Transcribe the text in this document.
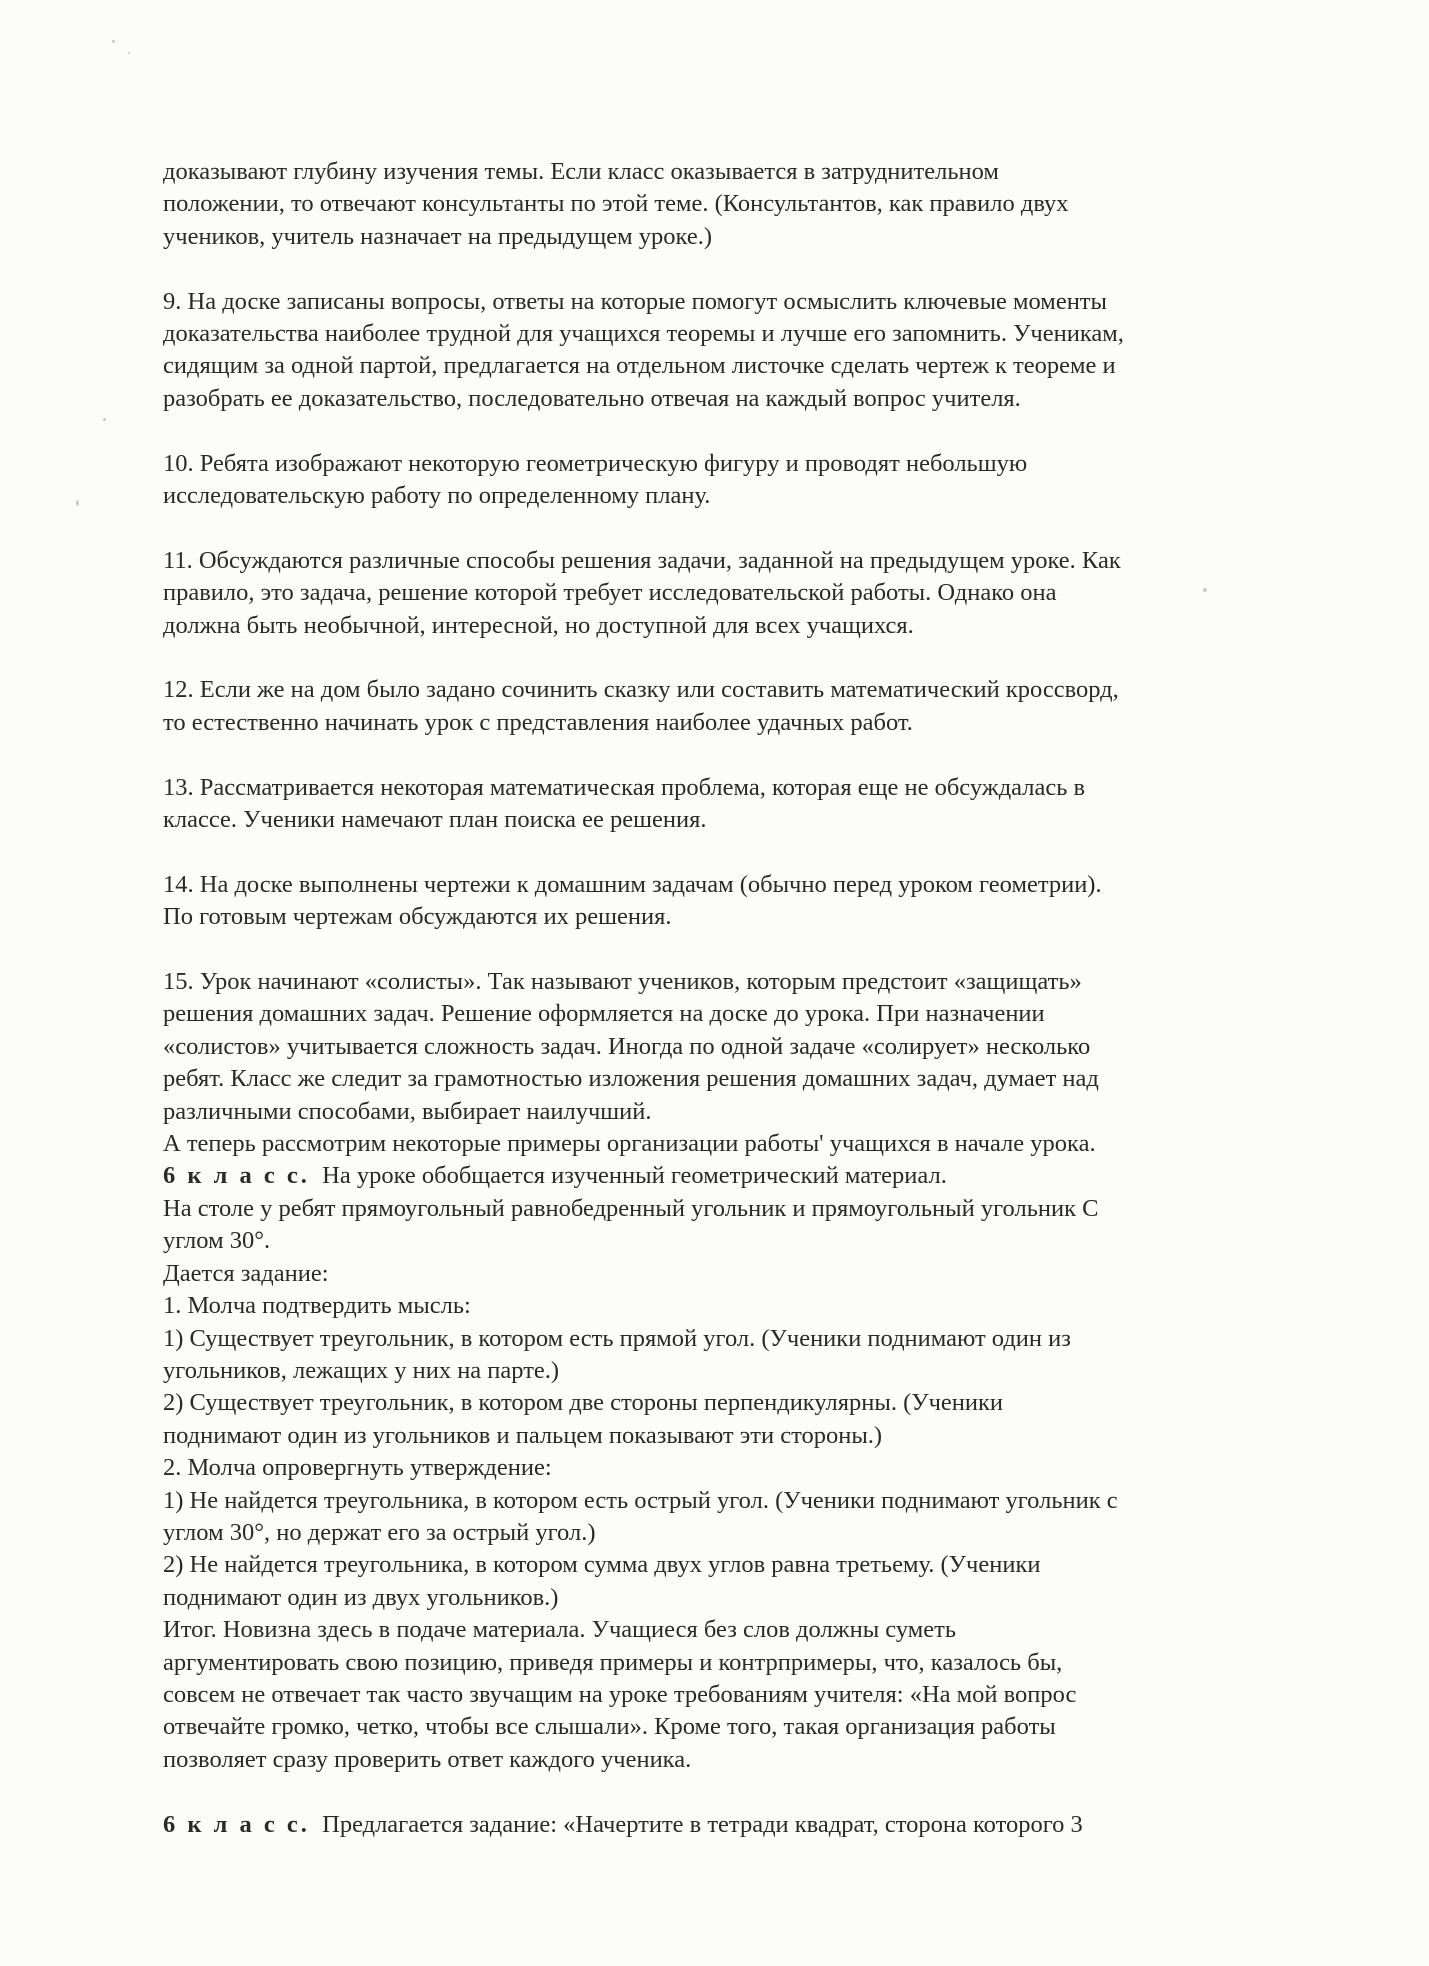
доказывают глубину изучения темы. Если класс оказывается в затруднительном
положении, то отвечают консультанты по этой теме. (Консультантов, как правило двух
учеников, учитель назначает на предыдущем уроке.)
9. На доске записаны вопросы, ответы на которые помогут осмыслить ключевые моменты
доказательства наиболее трудной для учащихся теоремы и лучше его запомнить. Ученикам,
сидящим за одной партой, предлагается на отдельном листочке сделать чертеж к теореме и
разобрать ее доказательство, последовательно отвечая на каждый вопрос учителя.
10. Ребята изображают некоторую геометрическую фигуру и проводят небольшую
исследовательскую работу по определенному плану.
11. Обсуждаются различные способы решения задачи, заданной на предыдущем уроке. Как
правило, это задача, решение которой требует исследовательской работы. Однако она
должна быть необычной, интересной, но доступной для всех учащихся.
12. Если же на дом было задано сочинить сказку или составить математический кроссворд,
то естественно начинать урок с представления наиболее удачных работ.
13. Рассматривается некоторая математическая проблема, которая еще не обсуждалась в
классе. Ученики намечают план поиска ее решения.
14. На доске выполнены чертежи к домашним задачам (обычно перед уроком геометрии).
По готовым чертежам обсуждаются их решения.
15. Урок начинают «солисты». Так называют учеников, которым предстоит «защищать»
решения домашних задач. Решение оформляется на доске до урока. При назначении
«солистов» учитывается сложность задач. Иногда по одной задаче «солирует» несколько
ребят. Класс же следит за грамотностью изложения решения домашних задач, думает над
различными способами, выбирает наилучший.
А теперь рассмотрим некоторые примеры организации работы' учащихся в начале урока.
6 к л а с с.  На уроке обобщается изученный геометрический материал.
На столе у ребят прямоугольный равнобедренный угольник и прямоугольный угольник С
углом 30°.
Дается задание:
1. Молча подтвердить мысль:
1) Существует треугольник, в котором есть прямой угол. (Ученики поднимают один из
угольников, лежащих у них на парте.)
2) Существует треугольник, в котором две стороны перпендикулярны. (Ученики
поднимают один из угольников и пальцем показывают эти стороны.)
2. Молча опровергнуть утверждение:
1) Не найдется треугольника, в котором есть острый угол. (Ученики поднимают угольник с
углом 30°, но держат его за острый угол.)
2) Не найдется треугольника, в котором сумма двух углов равна третьему. (Ученики
поднимают один из двух угольников.)
Итог. Новизна здесь в подаче материала. Учащиеся без слов должны суметь
аргументировать свою позицию, приведя примеры и контрпримеры, что, казалось бы,
совсем не отвечает так часто звучащим на уроке требованиям учителя: «На мой вопрос
отвечайте громко, четко, чтобы все слышали». Кроме того, такая организация работы
позволяет сразу проверить ответ каждого ученика.
6 к л а с с.  Предлагается задание: «Начертите в тетради квадрат, сторона которого 3
